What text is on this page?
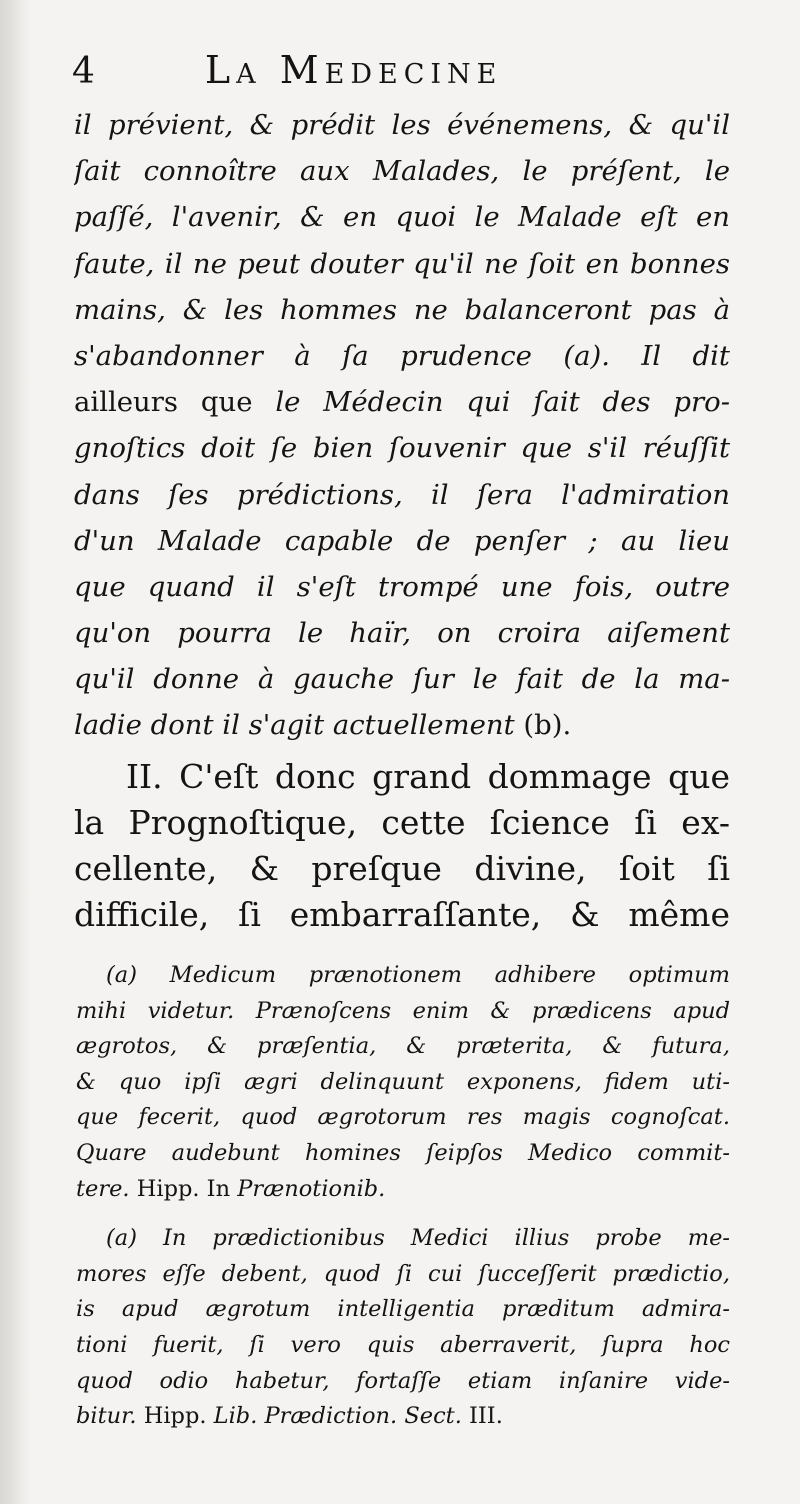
4	La Medecine
il prévient, & prédit les événemens, & qu'il
ſait connoître aux Malades, le préſent, le
paſſé, l'avenir, & en quoi le Malade eſt en
faute, il ne peut douter qu'il ne ſoit en bonnes
mains, & les hommes ne balanceront pas à
s'abandonner à ſa prudence (a). Il dit
ailleurs que le Médecin qui ſait des pro-
gnoſtics doit ſe bien ſouvenir que s'il réuſſit
dans ſes prédictions, il ſera l'admiration
d'un Malade capable de penſer ; au lieu
que quand il s'eſt trompé une fois, outre
qu'on pourra le haïr, on croira aiſement
qu'il donne à gauche ſur le fait de la ma-
ladie dont il s'agit actuellement (b).
II. C'eſt donc grand dommage que
la Prognoſtique, cette ſcience ſi ex-
cellente, & preſque divine, ſoit ſi
difficile, ſi embarraſſante, & même
(a) Medicum prænotionem adhibere optimum
mihi videtur. Prænoſcens enim & prædicens apud
ægrotos, & præſentia, & præterita, & futura,
& quo ipſi ægri delinquunt exponens, fidem uti-
que fecerit, quod ægrotorum res magis cognoſcat.
Quare audebunt homines ſeipſos Medico commit-
tere. Hipp. In Prænotionib.
(a) In prædictionibus Medici illius probe me-
mores eſſe debent, quod ſi cui ſucceſſerit prædictio,
is apud ægrotum intelligentia præditum admira-
tioni fuerit, ſi vero quis aberraverit, ſupra hoc
quod odio habetur, fortaſſe etiam inſanire vide-
bitur. Hipp. Lib. Prædiction. Sect. III.
